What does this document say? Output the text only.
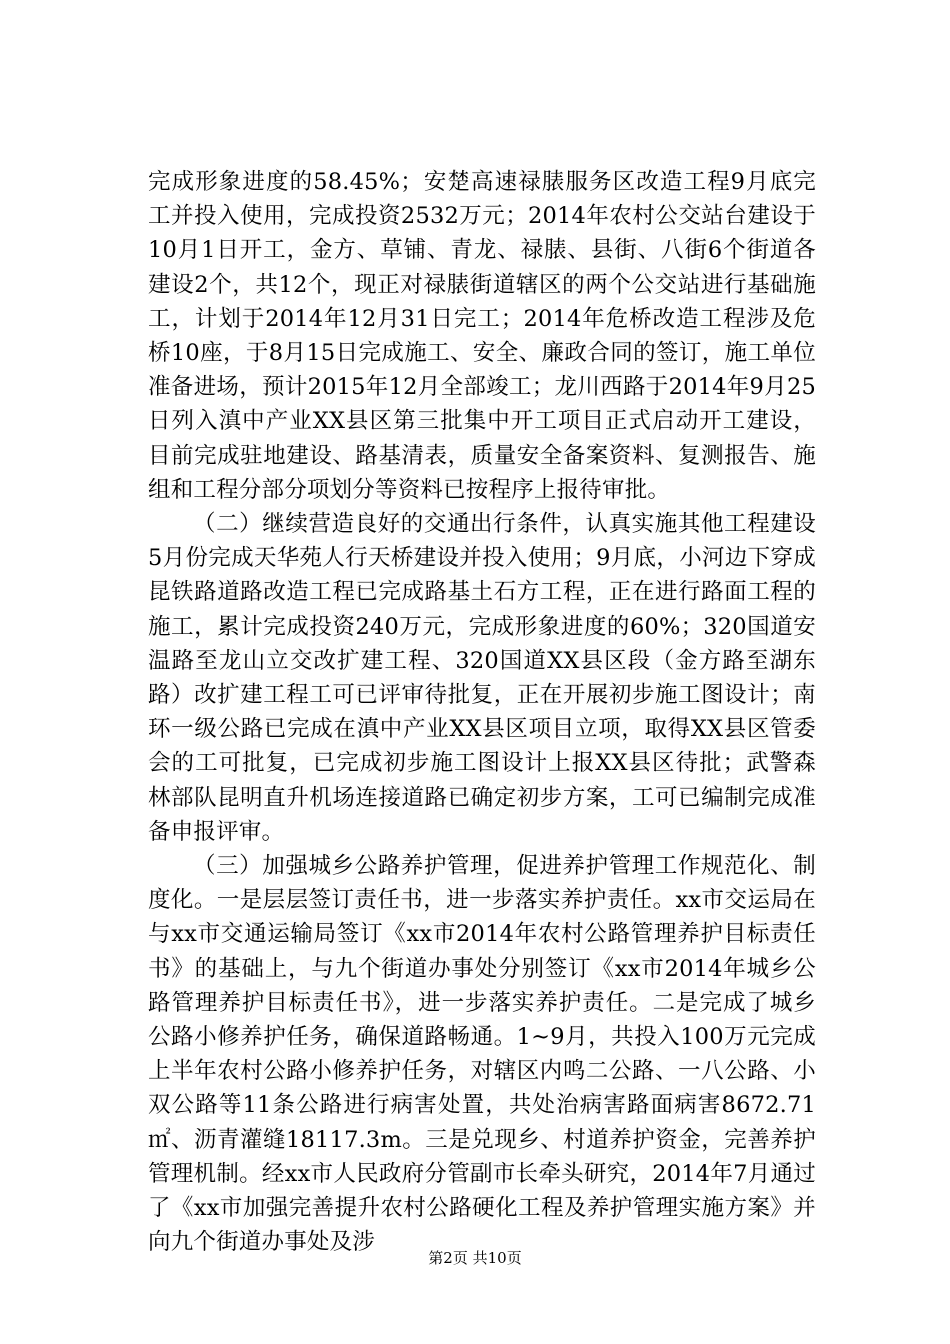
完成形象进度的58.45%；安楚高速禄脿服务区改造工程9月底完工并投入使用，完成投资2532万元；2014年农村公交站台建设于10月1日开工，金方、草铺、青龙、禄脿、县街、八街6个街道各建设2个，共12个，现正对禄脿街道辖区的两个公交站进行基础施工，计划于2014年12月31日完工；2014年危桥改造工程涉及危桥10座，于8月15日完成施工、安全、廉政合同的签订，施工单位准备进场，预计2015年12月全部竣工；龙川西路于2014年9月25日列入滇中产业XX县区第三批集中开工项目正式启动开工建设，目前完成驻地建设、路基清表，质量安全备案资料、复测报告、施组和工程分部分项划分等资料已按程序上报待审批。

（二）继续营造良好的交通出行条件，认真实施其他工程建设5月份完成天华苑人行天桥建设并投入使用；9月底，小河边下穿成昆铁路道路改造工程已完成路基土石方工程，正在进行路面工程的施工，累计完成投资240万元，完成形象进度的60%；320国道安温路至龙山立交改扩建工程、320国道XX县区段（金方路至湖东路）改扩建工程工可已评审待批复，正在开展初步施工图设计；南环一级公路已完成在滇中产业XX县区项目立项，取得XX县区管委会的工可批复，已完成初步施工图设计上报XX县区待批；武警森林部队昆明直升机场连接道路已确定初步方案，工可已编制完成准备申报评审。

（三）加强城乡公路养护管理，促进养护管理工作规范化、制度化。一是层层签订责任书，进一步落实养护责任。xx市交运局在与xx市交通运输局签订《xx市2014年农村公路管理养护目标责任书》的基础上，与九个街道办事处分别签订《xx市2014年城乡公路管理养护目标责任书》，进一步落实养护责任。二是完成了城乡公路小修养护任务，确保道路畅通。1~9月，共投入100万元完成上半年农村公路小修养护任务，对辖区内鸣二公路、一八公路、小双公路等11条公路进行病害处置，共处治病害路面病害8672.71㎡、沥青灌缝18117.3m。三是兑现乡、村道养护资金，完善养护管理机制。经xx市人民政府分管副市长牵头研究，2014年7月通过了《xx市加强完善提升农村公路硬化工程及养护管理实施方案》并向九个街道办事处及涉

第2页 共10页
